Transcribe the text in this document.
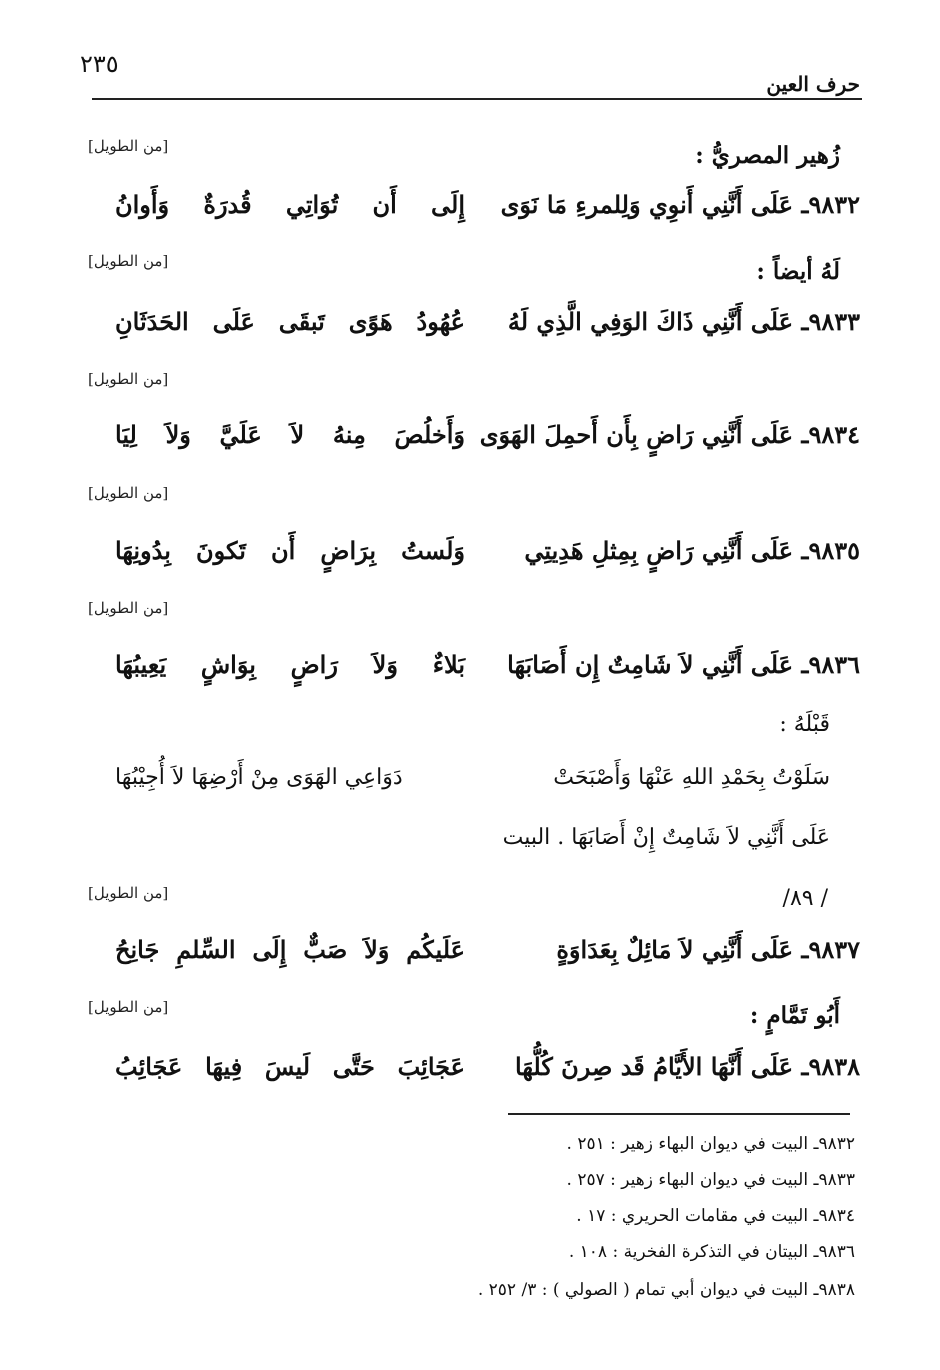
٢٣٥
حرف العين
[من الطويل]	زُهير المصريُّ :
٩٨٣٢ـ عَلَى أَنَّنِي أَنوِي وَلِلمرءِ مَا نَوَى
إِلَى أَن تُوَاتِي قُدرَةٌ وَأَوانُ
[من الطويل]	لَهُ أيضاً :
٩٨٣٣ـ عَلَى أَنَّنِي ذَاكَ الوَفِي الَّذِي لَهُ
عُهُودُ هَوًى تَبقَى عَلَى الحَدَثَانِ
[من الطويل]
٩٨٣٤ـ عَلَى أَنَّنِي رَاضٍ بِأَن أَحمِلَ الهَوَى
وَأَخلُصَ مِنهُ لاَ عَلَيَّ وَلاَ لِيَا
[من الطويل]
٩٨٣٥ـ عَلَى أَنَّنِي رَاضٍ بِمِثلِ هَدِيتِي
وَلَستُ بِرَاضٍ أَن تَكونَ بِدُونِهَا
[من الطويل]
٩٨٣٦ـ عَلَى أَنَّنِي لاَ شَامِتٌ إِن أَصَابَهَا
بَلاءٌ وَلاَ رَاضٍ بِوَاشٍ يَعِيبُهَا
قَبْلَهُ :
سَلَوْتُ بِحَمْدِ اللهِ عَنْهَا وَأَصْبَحَتْ
دَوَاعِي الهَوَى مِنْ أَرْضِهَا لاَ أُجِيْبُهَا
عَلَى أَنَّنِي لاَ شَامِتٌ إِنْ أَصَابَهَا . البيت
/ ٨٩/
[من الطويل]
٩٨٣٧ـ عَلَى أَنَّنِي لاَ مَائِلٌ بِعَدَاوَةٍ
عَلَيكُم وَلاَ صَبٌّ إِلَى السِّلمِ جَانِحُ
[من الطويل]	أَبُو تَمَّامٍ :
٩٨٣٨ـ عَلَى أَنَّهَا الأَيَّامُ قَد صِرنَ كُلُّهَا
عَجَائِبَ حَتَّى لَيسَ فِيهَا عَجَائِبُ
٩٨٣٢ـ البيت في ديوان البهاء زهير : ٢٥١ .
٩٨٣٣ـ البيت في ديوان البهاء زهير : ٢٥٧ .
٩٨٣٤ـ البيت في مقامات الحريري : ١٧ .
٩٨٣٦ـ البيتان في التذكرة الفخرية : ١٠٨ .
٩٨٣٨ـ البيت في ديوان أبي تمام ( الصولي ) : ٣/ ٢٥٢ .
